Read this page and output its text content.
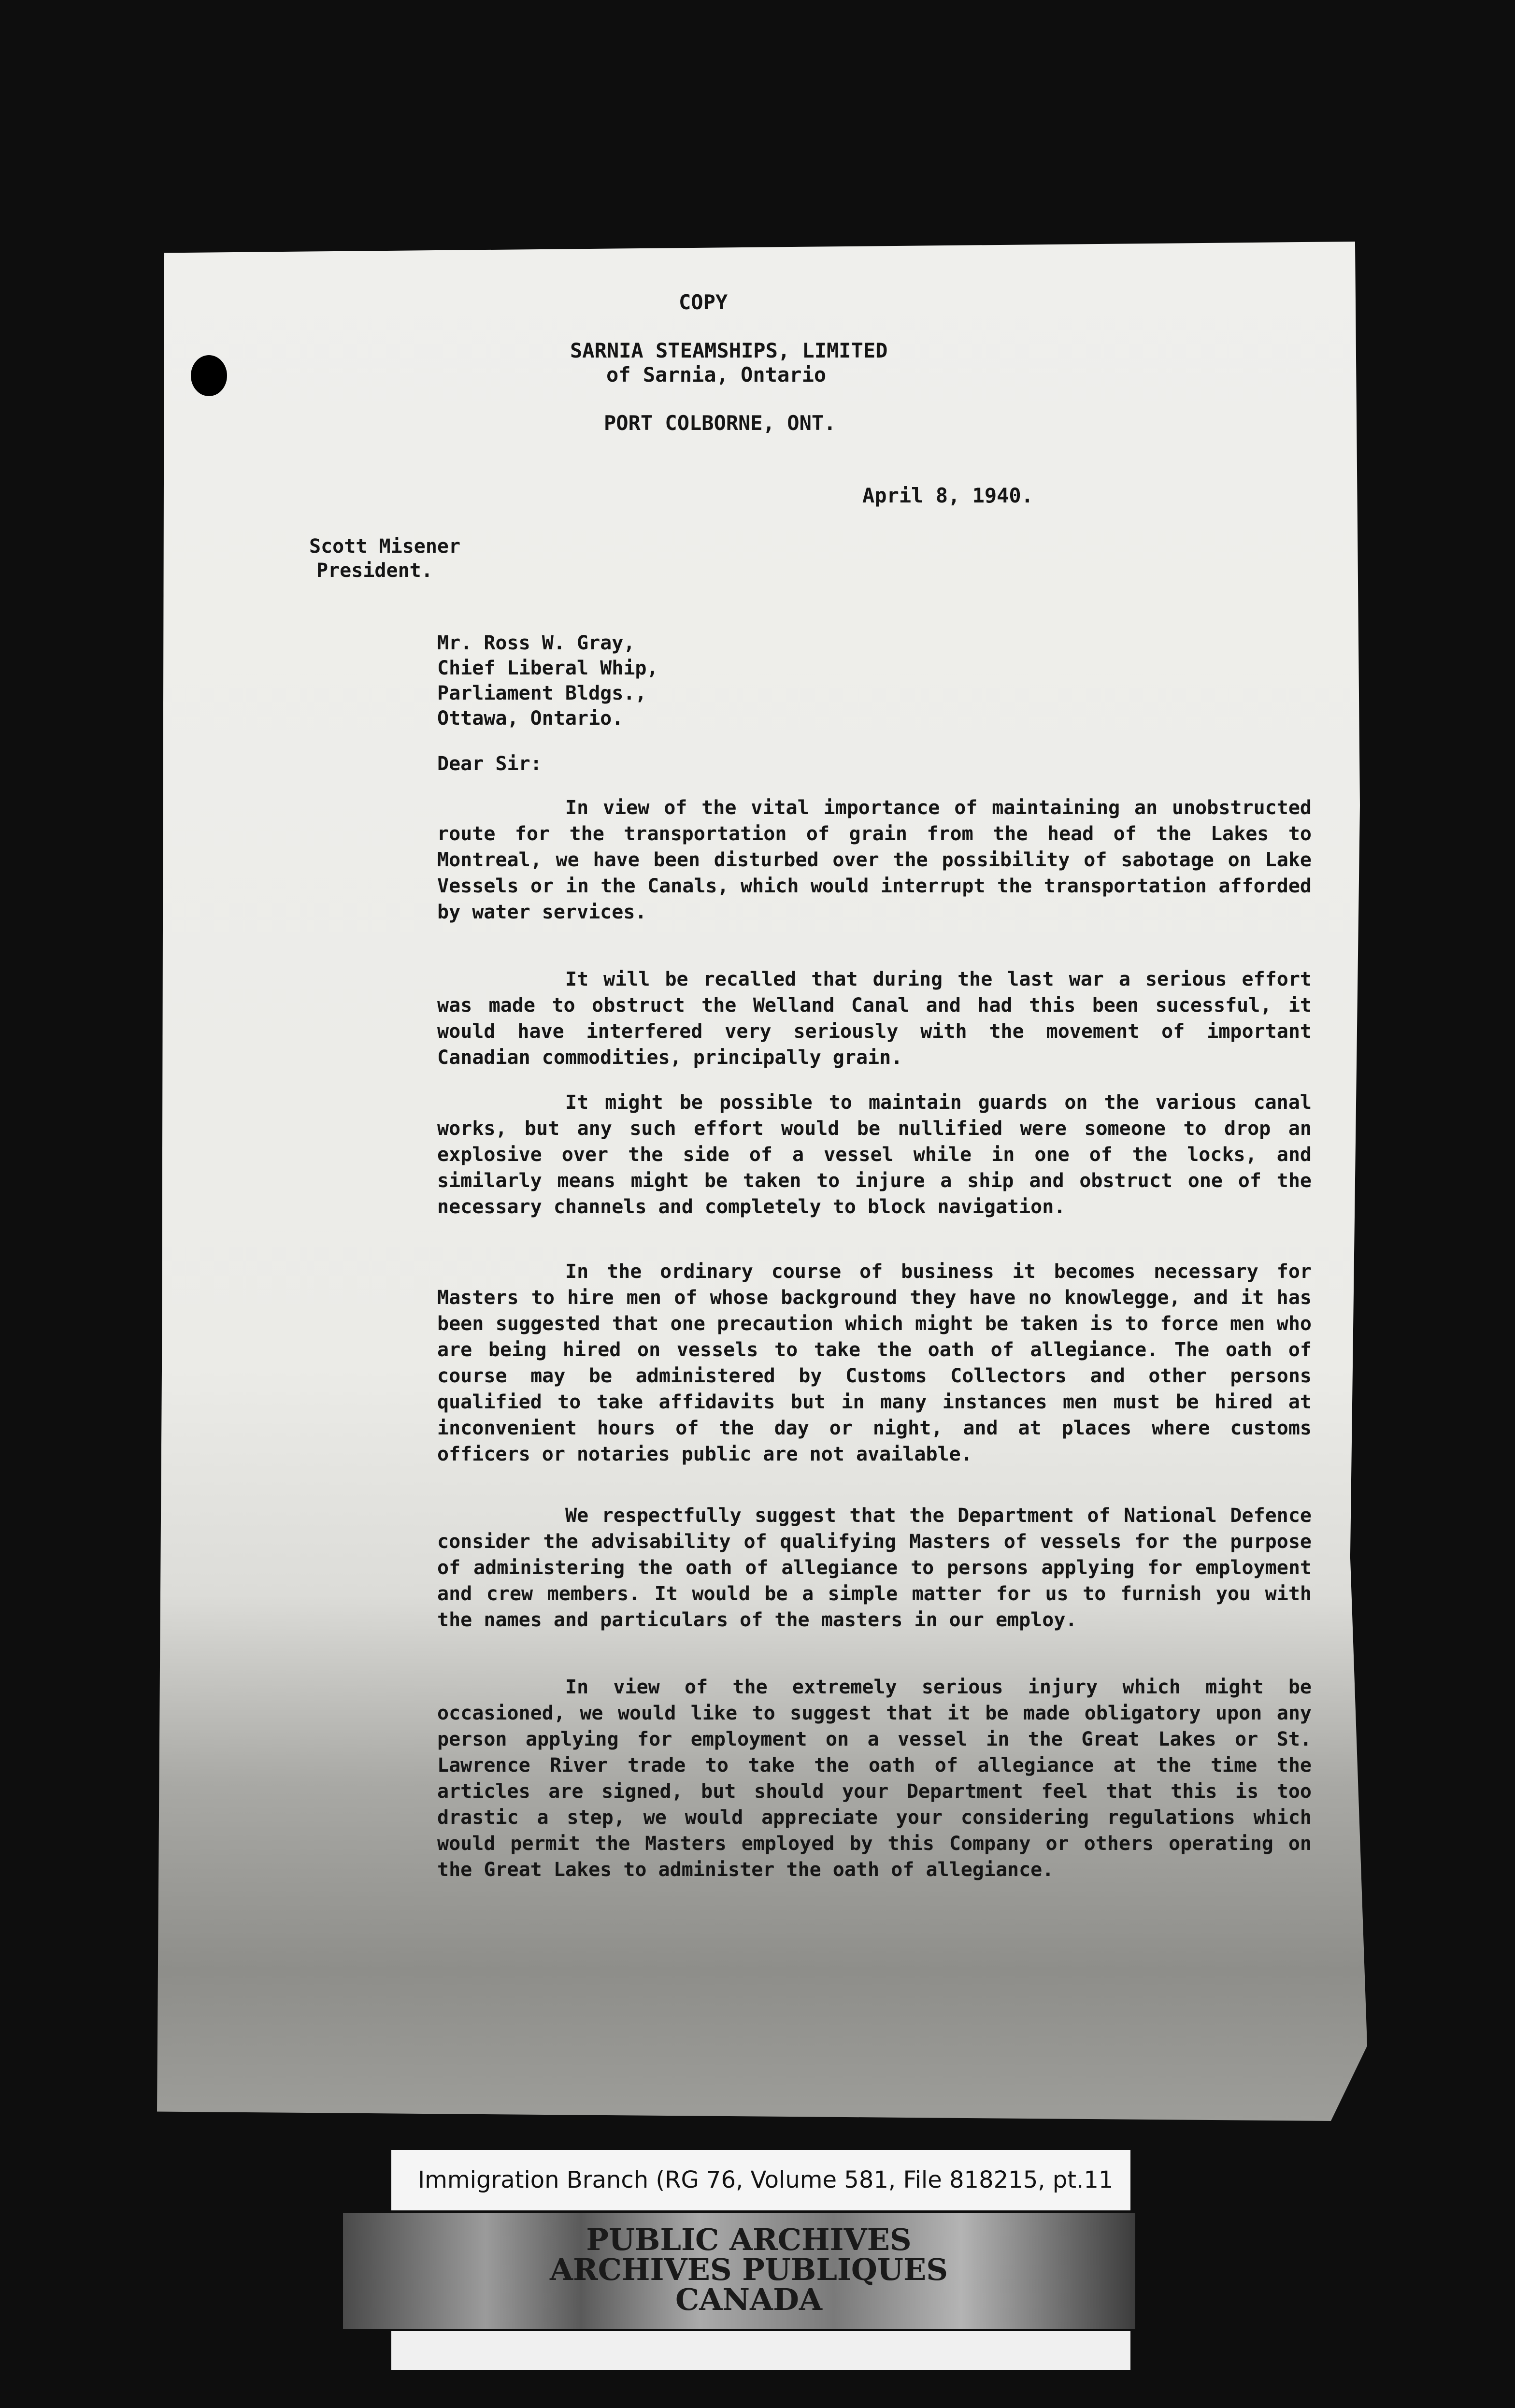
COPY
SARNIA STEAMSHIPS, LIMITED
of Sarnia, Ontario
PORT COLBORNE, ONT.
April 8, 1940.
Scott Misener
President.
Mr. Ross W. Gray,
Chief Liberal Whip,
Parliament Bldgs.,
Ottawa, Ontario.
Dear Sir:
In view of the vital importance of maintaining an unobstructed route for the transportation of grain from the head of the Lakes to Montreal, we have been disturbed over the possibility of sabotage on Lake Vessels or in the Canals, which would interrupt the transportation afforded by water services.
It will be recalled that during the last war a serious effort was made to obstruct the Welland Canal and had this been sucessful, it would have interfered very seriously with the movement of important Canadian commodities, principally grain.
It might be possible to maintain guards on the various canal works, but any such effort would be nullified were someone to drop an explosive over the side of a vessel while in one of the locks, and similarly means might be taken to injure a ship and obstruct one of the necessary channels and completely to block navigation.
In the ordinary course of business it becomes necessary for Masters to hire men of whose background they have no knowlegge, and it has been suggested that one precaution which might be taken is to force men who are being hired on vessels to take the oath of allegiance. The oath of course may be administered by Customs Collectors and other persons qualified to take affidavits but in many instances men must be hired at inconvenient hours of the day or night, and at places where customs officers or notaries public are not available.
We respectfully suggest that the Department of National Defence consider the advisability of qualifying Masters of vessels for the purpose of administering the oath of allegiance to persons applying for employment and crew members. It would be a simple matter for us to furnish you with the names and particulars of the masters in our employ.
In view of the extremely serious injury which might be occasioned, we would like to suggest that it be made obligatory upon any person applying for employment on a vessel in the Great Lakes or St. Lawrence River trade to take the oath of allegiance at the time the articles are signed, but should your Department feel that this is too drastic a step, we would appreciate your considering regulations which would permit the Masters employed by this Company or others operating on the Great Lakes to administer the oath of allegiance.
Immigration Branch (RG 76, Volume 581, File 818215, pt.11
PUBLIC ARCHIVES
ARCHIVES PUBLIQUES
CANADA
